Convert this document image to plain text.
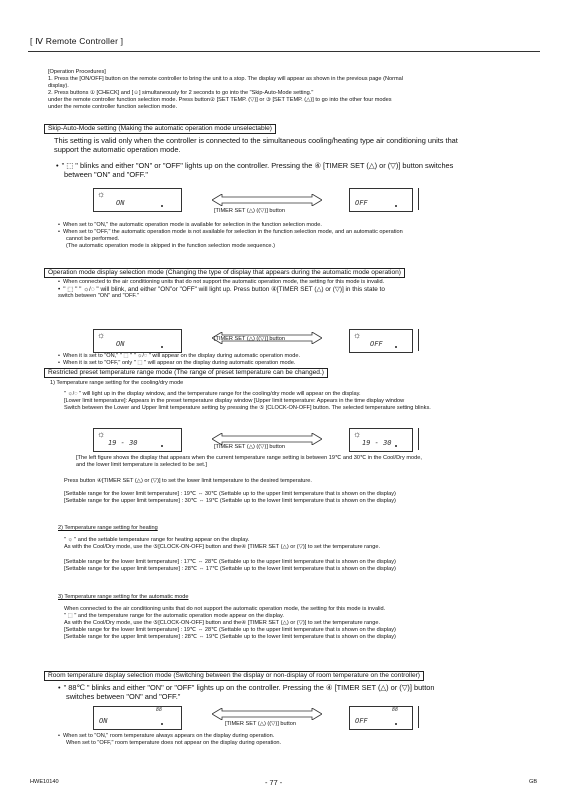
[ Ⅳ Remote Controller ]
[Operation Procedures]
1. Press the [ON/OFF] button on the remote controller to bring the unit to a stop. The display will appear as shown in the previous page (Normal
display).
2. Press buttons ① [CHECK] and [☺] simultaneously for 2 seconds to go into the "Skip-Auto-Mode setting."
under the remote controller function selection mode. Press button② [SET TEMP. (▽)] or ③ [SET TEMP. (△)] to go into the other four modes
under the remote controller function selection mode.
Skip-Auto-Mode setting (Making the automatic operation mode unselectable)
This setting is valid only when the controller is connected to the simultaneous cooling/heating type air conditioning units that
support the automatic operation mode.
• " ⬚ " blinks and either "ON" or "OFF" lights up on the controller. Pressing the ④ [TIMER SET (△) or (▽)] button switches
between "ON" and "OFF."
☼
ON
[TIMER SET (△) ((▽)] button
OFF
• When set to "ON," the automatic operation mode is available for selection in the function selection mode.
• When set to "OFF," the automatic operation mode is not available for selection in the function selection mode, and an automatic operation
cannot be performed.
(The automatic operation mode is skipped in the function selection mode sequence.)
Operation mode display selection mode (Changing the type of display that appears during the automatic mode operation)
• When connected to the air conditioning units that do not support the automatic operation mode, the setting for this mode is invalid.
• " ⬚ " " ☼/◌ " will blink, and either "ON"or "OFF" will light up. Press button ④[TIMER SET (△) or (▽)] in this state to
switch between "ON" and "OFF."
☼
ON
[TIMER SET (△) ((▽)] button	☼
OFF
• When it is set to "ON," " ⬚ " " ☼/◌ " will appear on the display during automatic operation mode.
• When it is set to "OFF," only " ⬚ " will appear on the display during automatic operation mode.
Restricted preset temperature range mode (The range of preset temperature can be changed.)
1) Temperature range setting for the cooling/dry mode
" ☼/◌ " will light up in the display window, and the temperature range for the cooling/dry mode will appear on the display.
[Lower limit temperature]: Appears in the preset temperature display window [Upper limit temperature: Appears in the time display window
Switch between the Lower and Upper limit temperature setting by pressing the ⑤ [CLOCK-ON-OFF] button. The selected temperature setting blinks.
☼
19 - 30	[TIMER SET (△) ((▽)] button
☼
19 - 30
[The left figure shows the display that appears when the current temperature range setting is between 19℃ and 30℃ in the Cool/Dry mode,
and the lower limit temperature is selected to be set.]
Press button ④[TIMER SET (△) or (▽)] to set the lower limit temperature to the desired temperature.
[Settable range for the lower limit temperature] : 19℃ ⇔ 30℃ (Settable up to the upper limit temperature that is shown on the display)
[Settable range for the upper limit temperature] : 30℃ ⇔ 19℃ (Settable up to the lower limit temperature that is shown on the display)
2) Temperature range setting for heating
" ☼ " and the settable temperature range for heating appear on the display.
As with the Cool/Dry mode, use the ⑤[CLOCK-ON-OFF] button and the④ [TIMER SET (△) or (▽)] to set the temperature range.
[Settable range for the lower limit temperature] : 17℃ ⇔ 28℃ (Settable up to the upper limit temperature that is shown on the display)
[Settable range for the upper limit temperature] : 28℃ ⇔ 17℃ (Settable up to the lower limit temperature that is shown on the display)
3) Temperature range setting for the automatic mode
When connected to the air conditioning units that do not support the automatic operation mode, the setting for this mode is invalid.
" ⬚ " and the temperature range for the automatic operation mode appear on the display.
As with the Cool/Dry mode, use the ⑤[CLOCK-ON-OFF] button and the④ [TIMER SET (△) or (▽)] to set the temperature range.
[Settable range for the lower limit temperature] : 19℃ ⇔ 28℃ (Settable up to the upper limit temperature that is shown on the display)
[Settable range for the upper limit temperature] : 28℃ ⇔ 19℃ (Settable up to the lower limit temperature that is shown on the display)
Room temperature display selection mode (Switching between the display or non-display of room temperature on the controller)
• " 88℃ " blinks and either "ON" or "OFF" lights up on the controller. Pressing the ④ [TIMER SET (△) or (▽)] button
switches between "ON" and "OFF."
88
ON	[TIMER SET (△) ((▽)] button
88
OFF
• When set to "ON," room temperature always appears on the display during operation.
When set to "OFF," room temperature does not appear on the display during operation.
HWE10140	- 77 -	GB
